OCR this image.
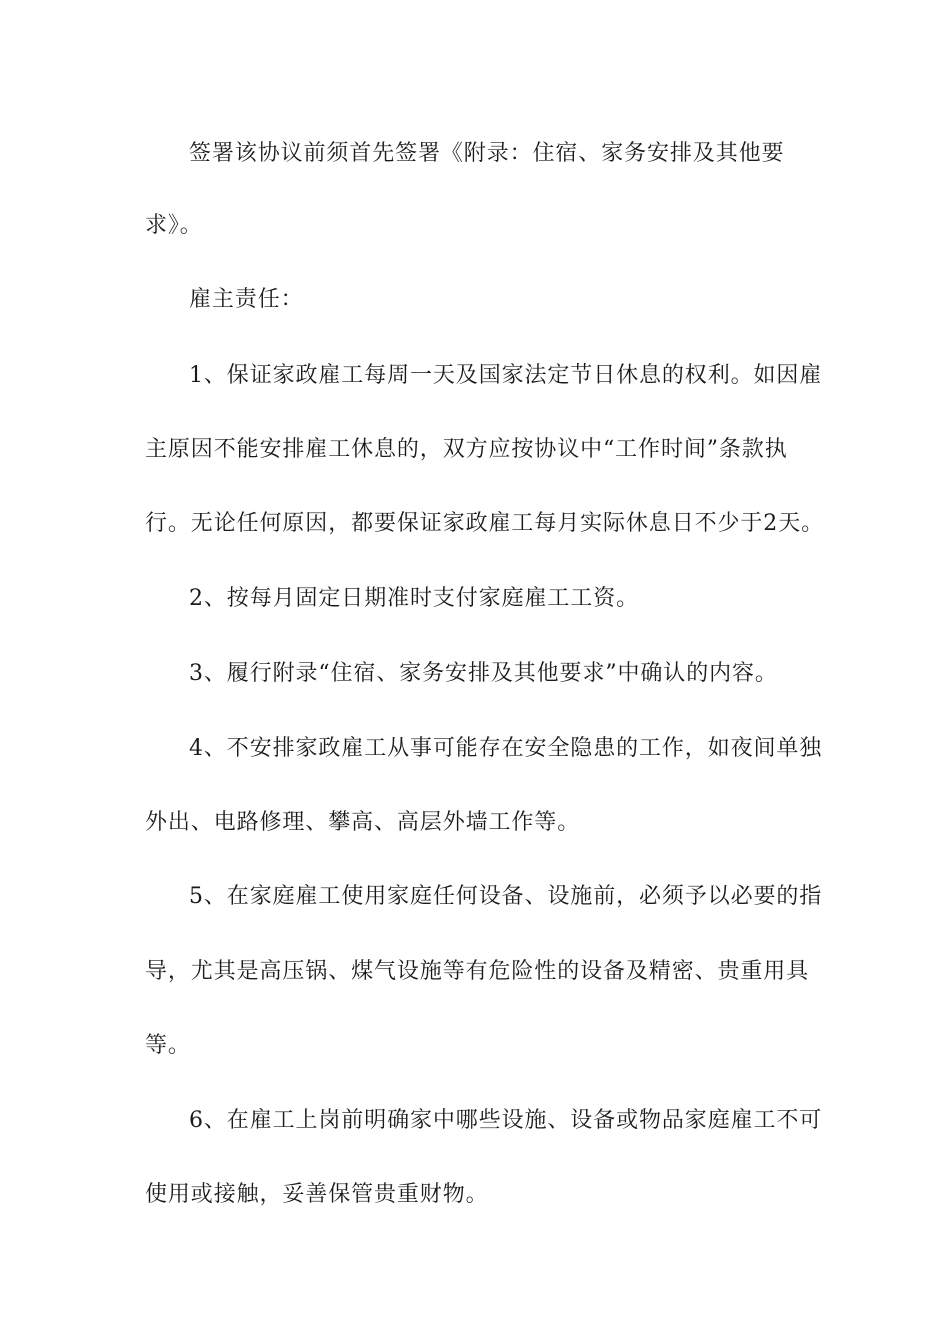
签署该协议前须首先签署《附录：住宿、家务安排及其他要
求》。
雇主责任：
1、保证家政雇工每周一天及国家法定节日休息的权利。如因雇
主原因不能安排雇工休息的，双方应按协议中“工作时间”条款执
行。无论任何原因，都要保证家政雇工每月实际休息日不少于2天。
2、按每月固定日期准时支付家庭雇工工资。
3、履行附录“住宿、家务安排及其他要求”中确认的内容。
4、不安排家政雇工从事可能存在安全隐患的工作，如夜间单独
外出、电路修理、攀高、高层外墙工作等。
5、在家庭雇工使用家庭任何设备、设施前，必须予以必要的指
导，尤其是高压锅、煤气设施等有危险性的设备及精密、贵重用具
等。
6、在雇工上岗前明确家中哪些设施、设备或物品家庭雇工不可
使用或接触，妥善保管贵重财物。
